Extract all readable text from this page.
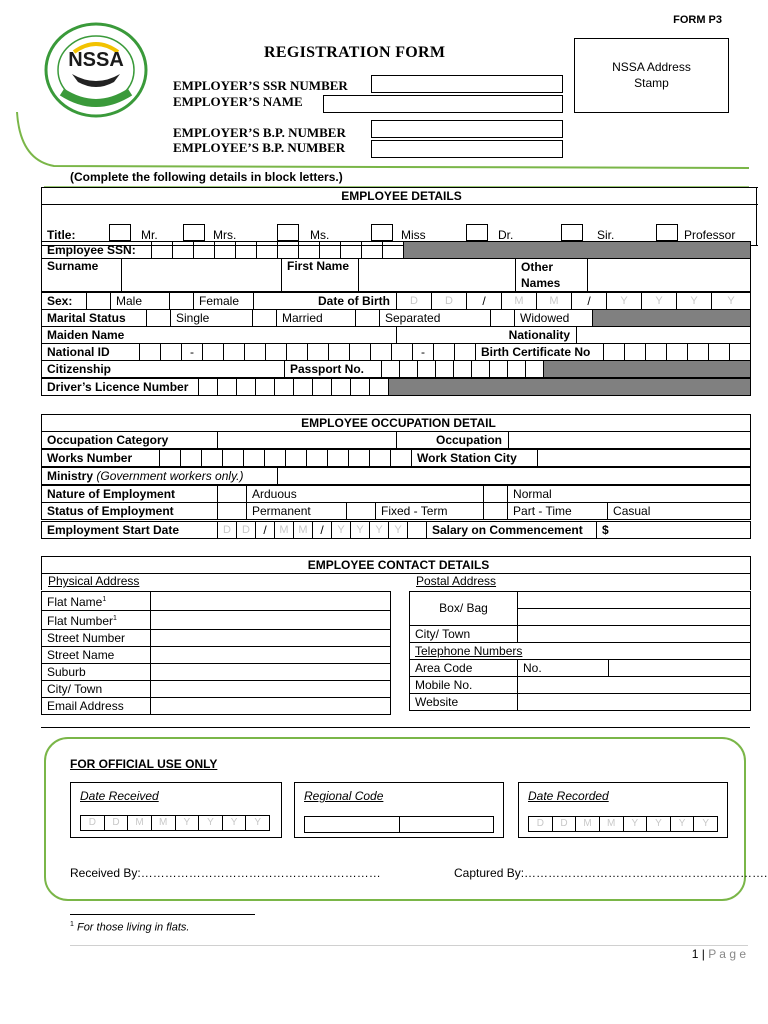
FORM P3
NSSA	REGISTRATION FORM
EMPLOYER’S SSR NUMBER
EMPLOYER’S NAME
EMPLOYER’S B.P. NUMBER
EMPLOYEE’S B.P. NUMBER
NSSA Address
Stamp
(Complete the following details in block letters.)
EMPLOYEE DETAILS

Title:	Mr.	Mrs.	Ms.	Miss	Dr.	Sir.	Professor
Employee SSN:													
Surname		First Name		Other
Names	
Sex:		Male		Female	Date of Birth	D	D	/	M	M	/	Y	Y	Y	Y
Marital Status		Single		Married		Separated		Widowed	
Maiden Name	Nationality	
National ID			-											-			Birth Certificate No								
Citizenship	Passport No.										
Driver’s Licence Number											
EMPLOYEE OCCUPATION DETAIL
Occupation Category		Occupation	
Works Number													Work Station City	
Ministry (Government workers only.)	
Nature of Employment		Arduous				Normal	
Status of Employment		Permanent		Fixed - Term		Part - Time	Casual
Employment Start Date	D	D	/	M	M	/	Y	Y	Y	Y		Salary on Commencement	$
EMPLOYEE CONTACT DETAILS

Physical Address	Postal Address
Flat Name$^1$	
Flat Number$^1$	
Street Number	
Street Name	
Suburb	
City/ Town	
Email Address	
Box/ Bag		

City/ Town		
Telephone Numbers		
Area Code	No.	
Mobile No.		
Website		
FOR OFFICIAL USE ONLY
Date Received
D	D	M	M	Y	Y	Y	Y
Regional Code	Date Recorded
D	D	M	M	Y	Y	Y	Y
Received By:……………………………………………………	Captured By:…………………………………………………….
$^1$ For those living in flats.
1 | P a g e
